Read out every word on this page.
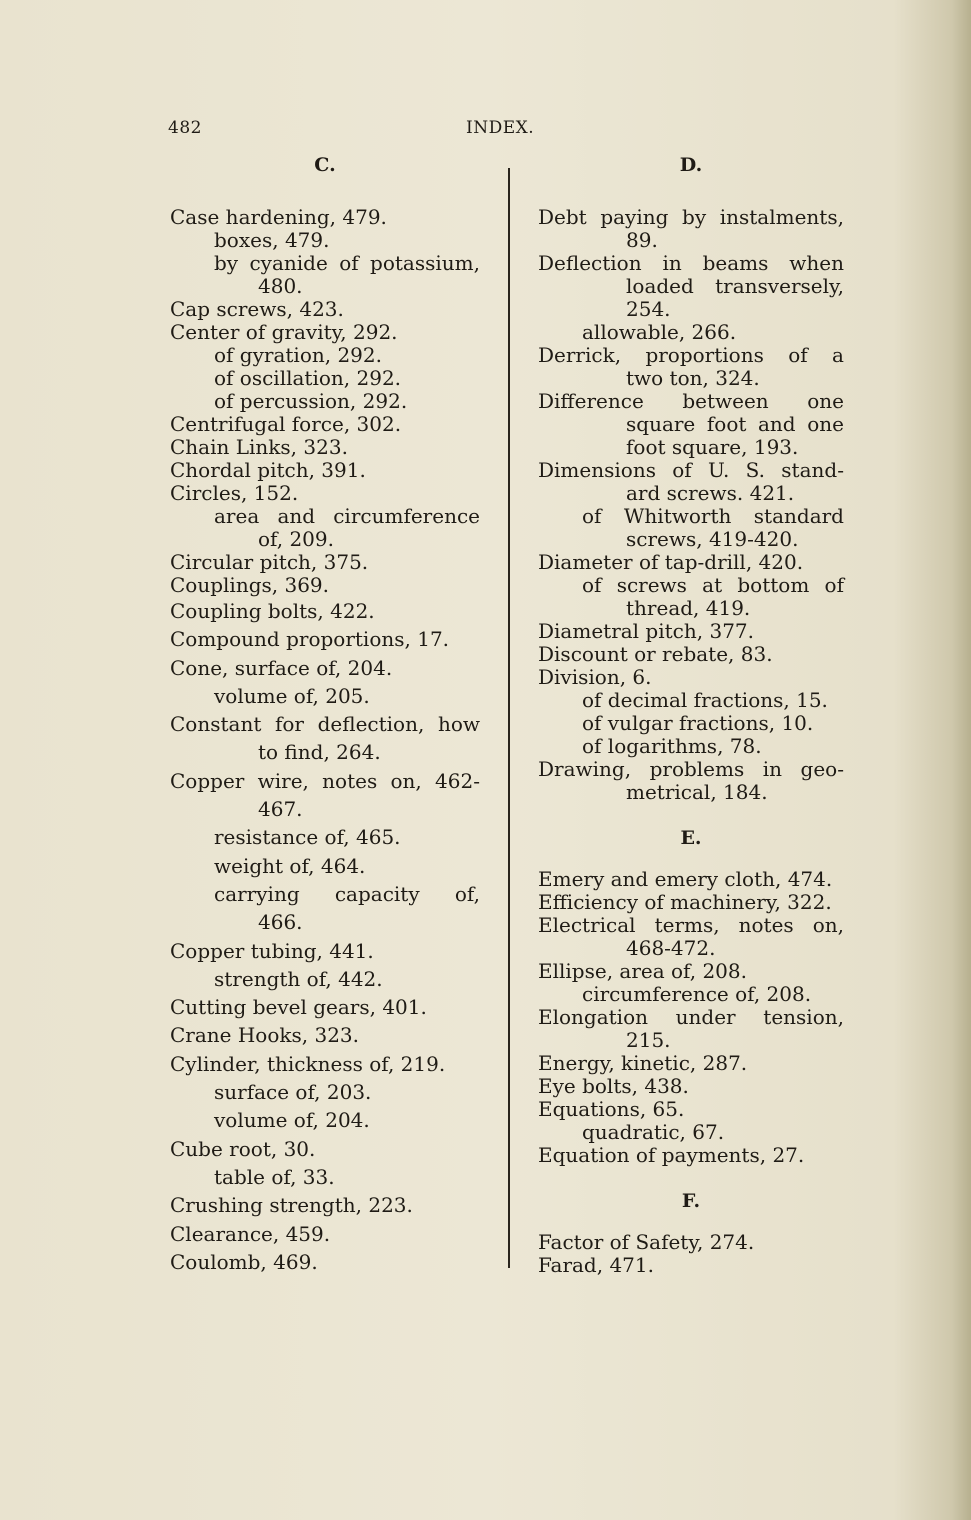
482	INDEX.
C.
Case hardening, 479.
boxes, 479.
by cyanide of potassium,
480.
Cap screws, 423.
Center of gravity, 292.
of gyration, 292.
of oscillation, 292.
of percussion, 292.
Centrifugal force, 302.
Chain Links, 323.
Chordal pitch, 391.
Circles, 152.
area and circumference
of, 209.
Circular pitch, 375.
Couplings, 369.
Coupling bolts, 422.
Compound proportions, 17.
Cone, surface of, 204.
volume of, 205.
Constant for deflection, how
to find, 264.
Copper wire, notes on, 462-
467.
resistance of, 465.
weight of, 464.
carrying capacity of,
466.
Copper tubing, 441.
strength of, 442.
Cutting bevel gears, 401.
Crane Hooks, 323.
Cylinder, thickness of, 219.
surface of, 203.
volume of, 204.
Cube root, 30.
table of, 33.
Crushing strength, 223.
Clearance, 459.
Coulomb, 469.
D.
Debt paying by instalments,
89.
Deflection in beams when
loaded transversely,
254.
allowable, 266.
Derrick, proportions of a
two ton, 324.
Difference between one
square foot and one
foot square, 193.
Dimensions of U. S. stand-
ard screws. 421.
of Whitworth standard
screws, 419-420.
Diameter of tap-drill, 420.
of screws at bottom of
thread, 419.
Diametral pitch, 377.
Discount or rebate, 83.
Division, 6.
of decimal fractions, 15.
of vulgar fractions, 10.
of logarithms, 78.
Drawing, problems in geo-
metrical, 184.
E.
Emery and emery cloth, 474.
Efficiency of machinery, 322.
Electrical terms, notes on,
468-472.
Ellipse, area of, 208.
circumference of, 208.
Elongation under tension,
215.
Energy, kinetic, 287.
Eye bolts, 438.
Equations, 65.
quadratic, 67.
Equation of payments, 27.
F.
Factor of Safety, 274.
Farad, 471.
